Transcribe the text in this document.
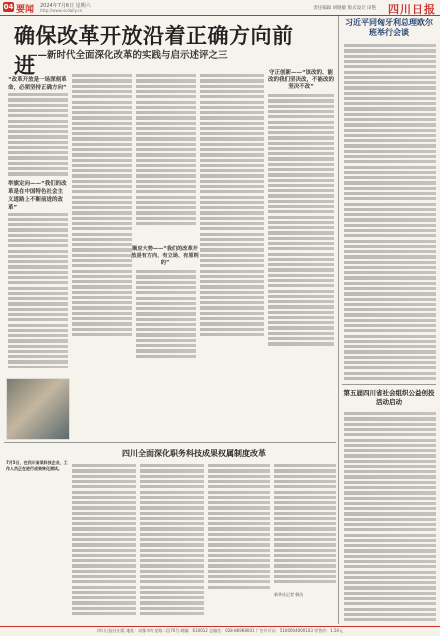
04 要闻 2024年7月6日 星期六
http://www.scdaily.cn	责任编辑 胡晓敏 版式设计 田艳 四川日报
确保改革开放沿着正确方向前进
——新时代全面深化改革的实践与启示述评之三
“改革开放是一场深刻革命，必须坚持正确方向”
举旗定向——“我们的改革是在中国特色社会主义道路上不断前进的改革”
顺应大势——“我们的改革开放是有方向、有立场、有原则的”
守正创新——“该改的、能改的我们坚决改，不能改的坚决不改”
习近平同匈牙利总理欧尔班举行会谈
第五届四川省社会组织公益创投活动启动
四川全面深化职务科技成果权属制度改革
7月5日，在四川省某科技企业，工作人员正在进行成果转化测试。
新华社记者 韩洁
四川日报社出版 地址：成都市红星路二段70号 邮编：610012 总编室：028-86968001 广告许可证：5100004000103 零售价：1.50元
